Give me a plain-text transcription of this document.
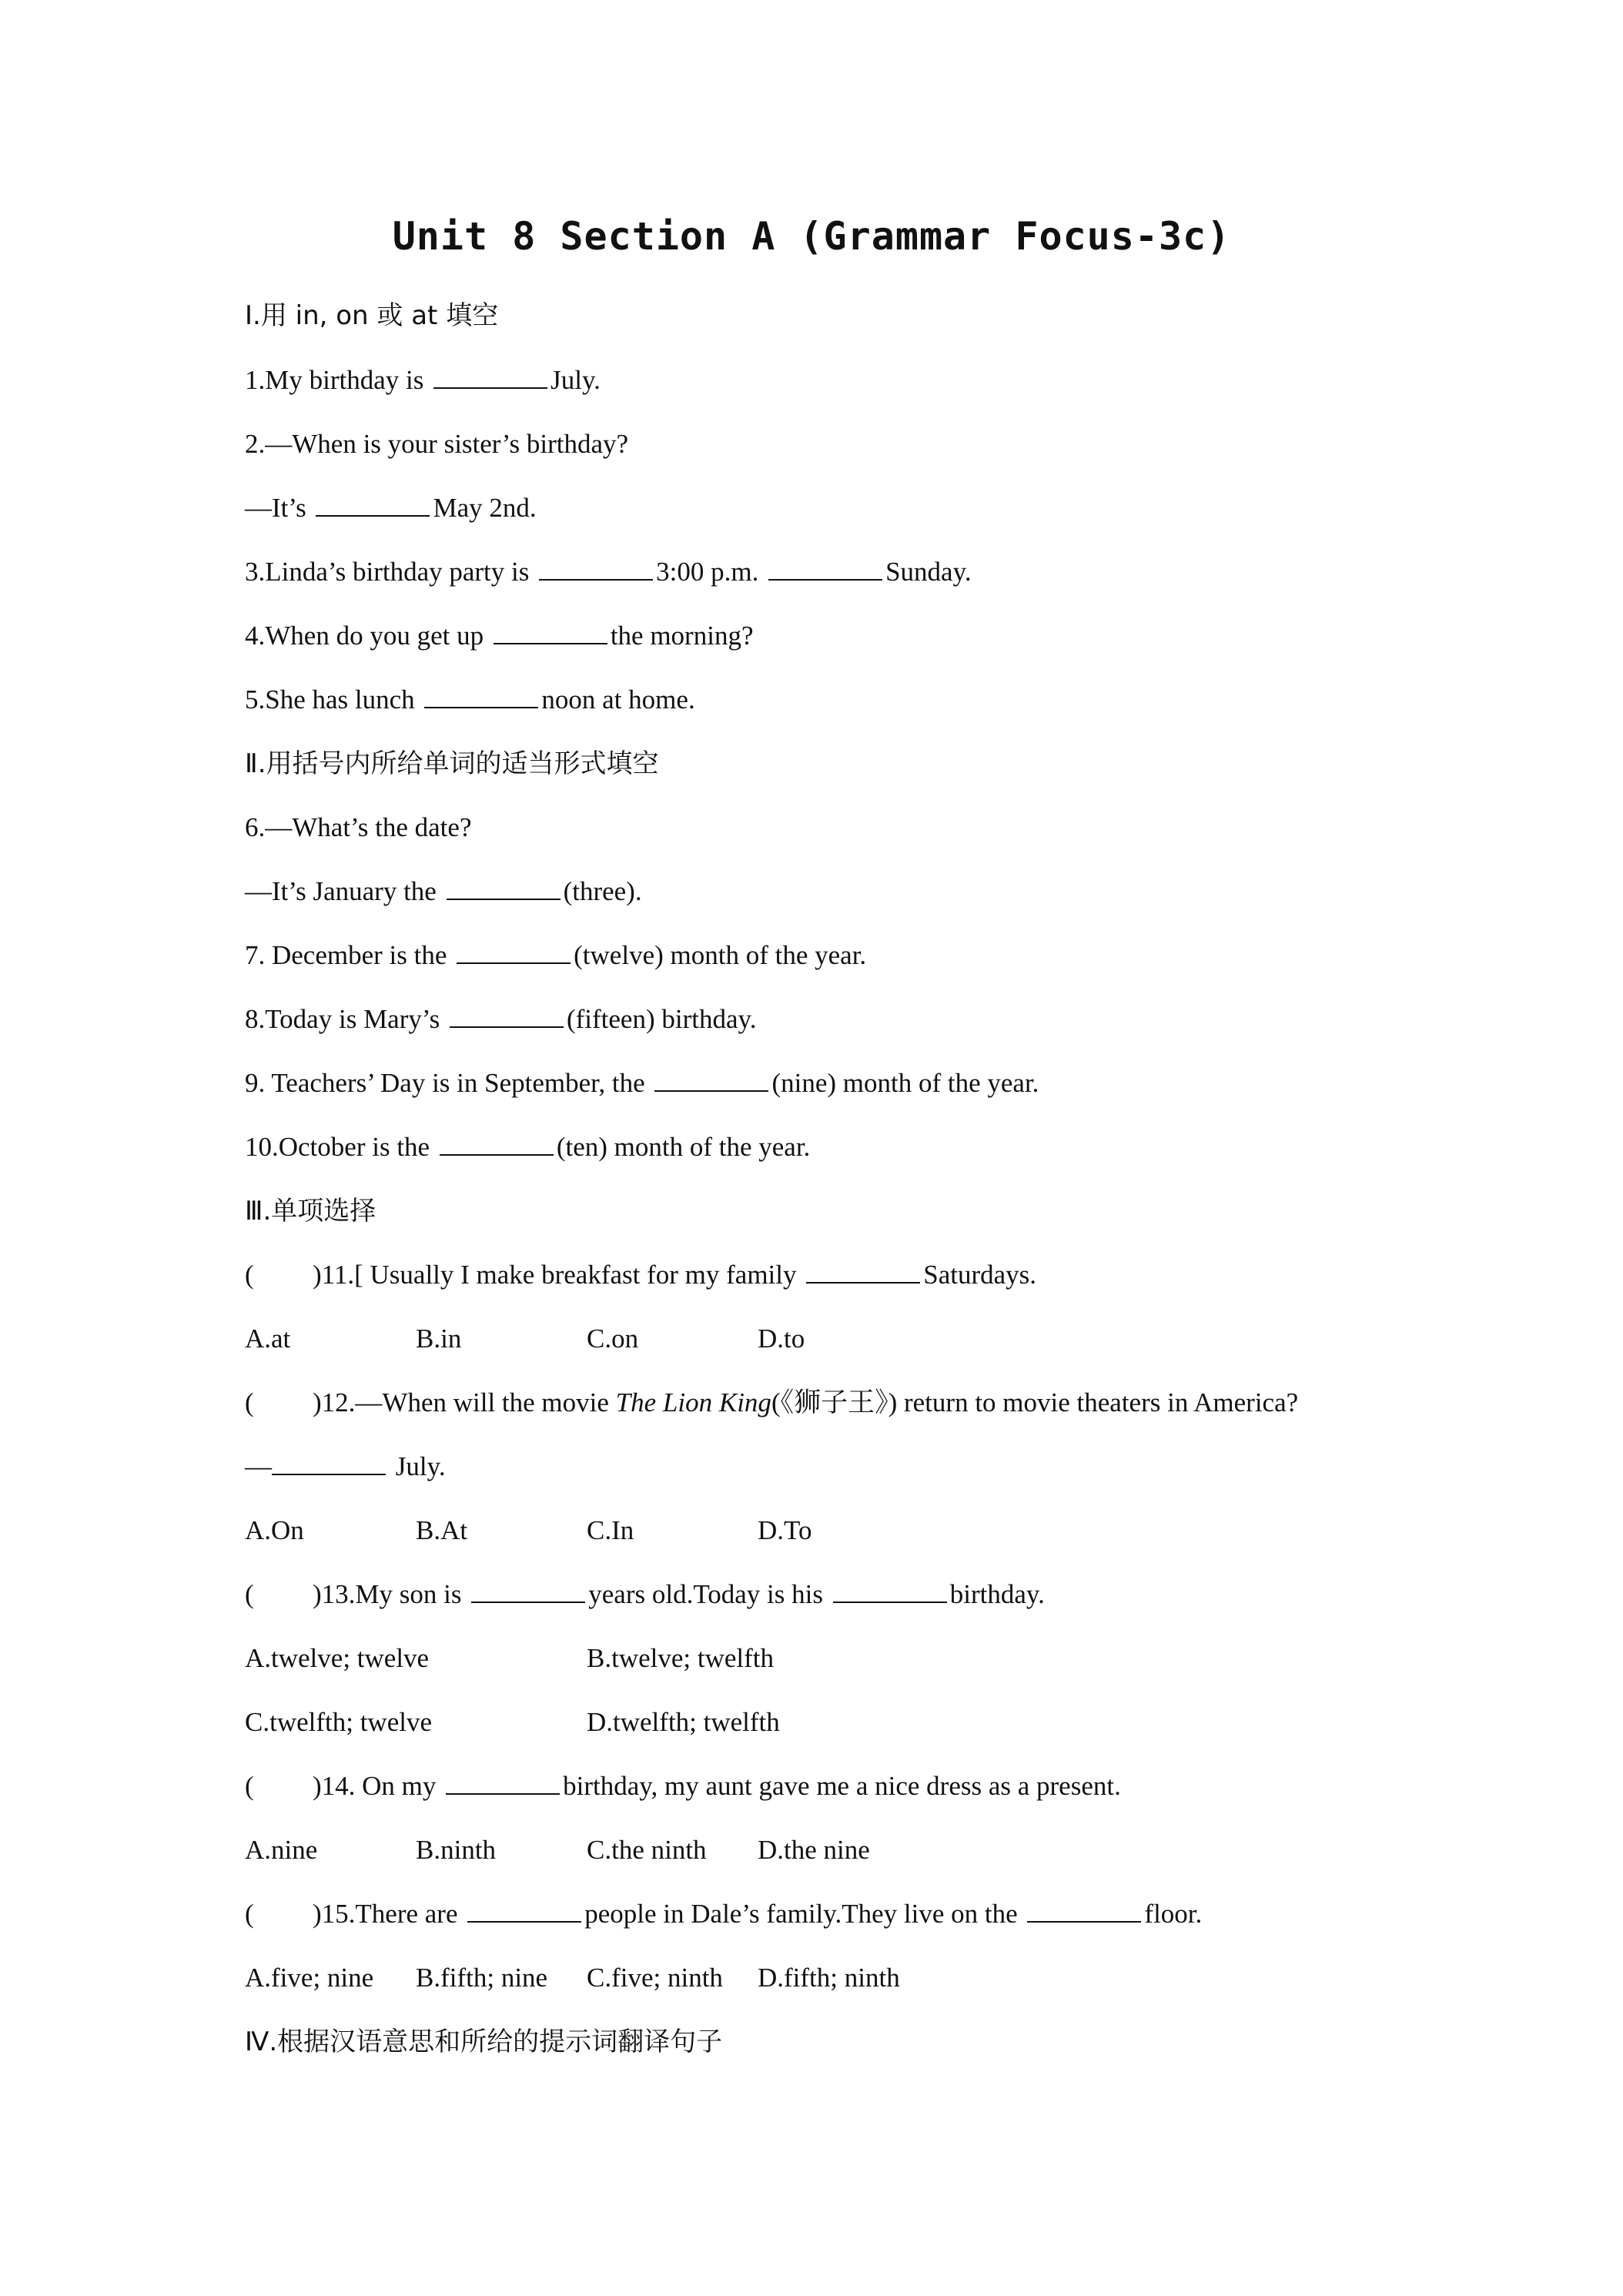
Unit 8 Section A (Grammar Focus-3c)
Ⅰ.用 in, on 或 at 填空
1.My birthday is	July.
2.—When is your sister’s birthday?
—It’s	May 2nd.
3.Linda’s birthday party is	3:00 p.m.	Sunday.
4.When do you get up	the morning?
5.She has lunch	noon at home.
Ⅱ.用括号内所给单词的适当形式填空
6.—What’s the date?
—It’s January the	(three).
7. December is the	(twelve) month of the year.
8.Today is Mary’s	(fifteen) birthday.
9. Teachers’ Day is in September, the	(nine) month of the year.
10.October is the	(ten) month of the year.
Ⅲ.单项选择
( )11.[ Usually I make breakfast for my family	Saturdays.
A.at	B.in	C.on	D.to
( )12.—When will the movie The Lion King(《狮子王》) return to movie theaters in America?
—	July.
A.On	B.At	C.In	D.To
( )13.My son is	years old.Today is his	birthday.
A.twelve; twelve	B.twelve; twelfth
C.twelfth; twelve	D.twelfth; twelfth
( )14. On my	birthday, my aunt gave me a nice dress as a present.
A.nine	B.ninth	C.the ninth D.the nine
( )15.There are	people in Dale’s family.They live on the	floor.
A.five; nine B.fifth; nine C.five; ninth D.fifth; ninth
Ⅳ.根据汉语意思和所给的提示词翻译句子
